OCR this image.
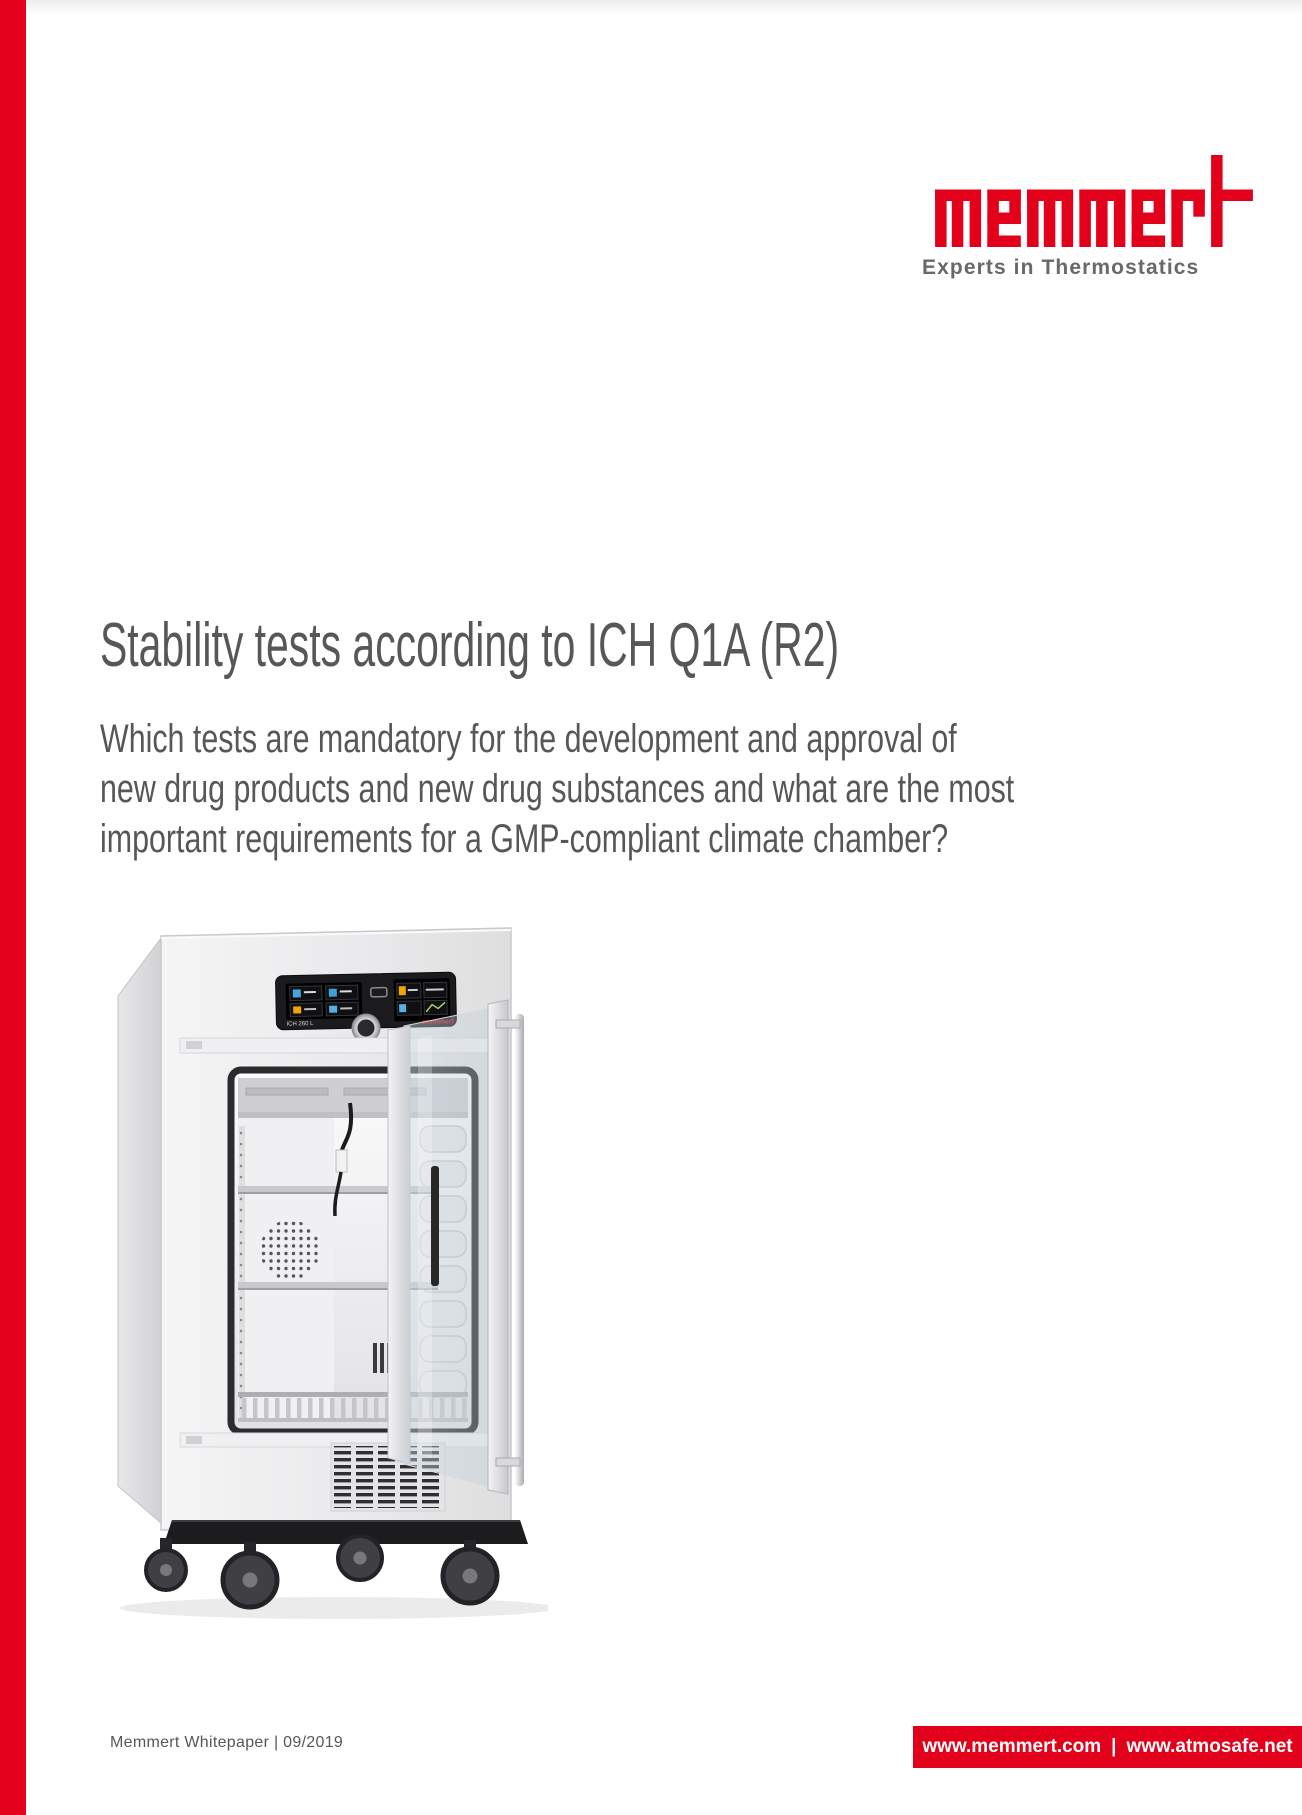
Experts in Thermostatics
Stability tests according to ICH Q1A (R2)
Which tests are mandatory for the development and approval of
new drug products and new drug substances and what are the most
important requirements for a GMP-compliant climate chamber?
ICH 260 L
Memmert Whitepaper | 09/2019	www.memmert.com | www.atmosafe.net
